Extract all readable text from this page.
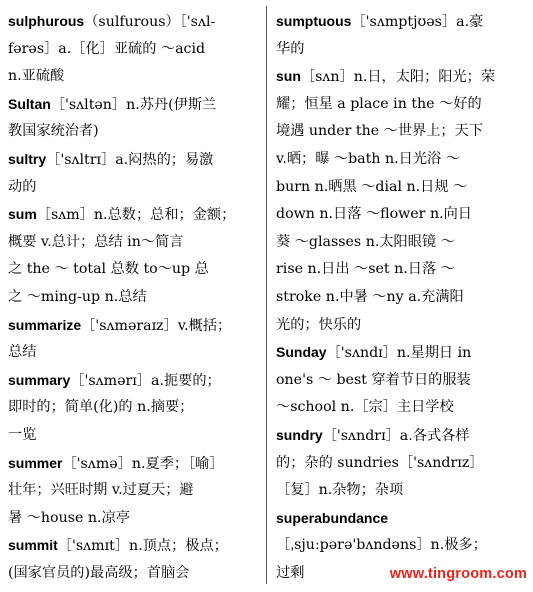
sulphurous（sulfurous）［'sʌl-
fərəs］a.［化］亚硫的 ～acid
n.亚硫酸
Sultan［'sʌltən］n.苏丹(伊斯兰
教国家统治者)
sultry［'sʌltrɪ］a.闷热的；易激
动的
sum［sʌm］n.总数；总和；金额；
概要 v.总计；总结 in～简言
之 the ～ total 总数 to～up 总
之 ～ming-up n.总结
summarize［'sʌməraɪz］v.概括；
总结
summary［'sʌmərɪ］a.扼要的；
即时的；简单(化)的 n.摘要；
一览
summer［'sʌmə］n.夏季；［喻］
壮年；兴旺时期 v.过夏天；避
暑 ～house n.凉亭
summit［'sʌmɪt］n.顶点；极点；
(国家官员的)最高级；首脑会
sumptuous［'sʌmptjʊəs］a.豪
华的
sun［sʌn］n.日，太阳；阳光；荣
耀；恒星 a place in the ～好的
境遇 under the ～世界上；天下
v.晒；曝 ～bath n.日光浴 ～
burn n.晒黑 ～dial n.日规 ～
down n.日落 ～flower n.向日
葵 ～glasses n.太阳眼镜 ～
rise n.日出 ～set n.日落 ～
stroke n.中暑 ～ny a.充满阳
光的；快乐的
Sunday［'sʌndɪ］n.星期日 in
one's ～ best 穿着节日的服装
～school n.［宗］主日学校
sundry［'sʌndrɪ］a.各式各样
的；杂的 sundries［'sʌndrɪz］
［复］n.杂物；杂项
superabundance
［ˌsjuːpərə'bʌndəns］n.极多；
过剩	www.tingroom.com
